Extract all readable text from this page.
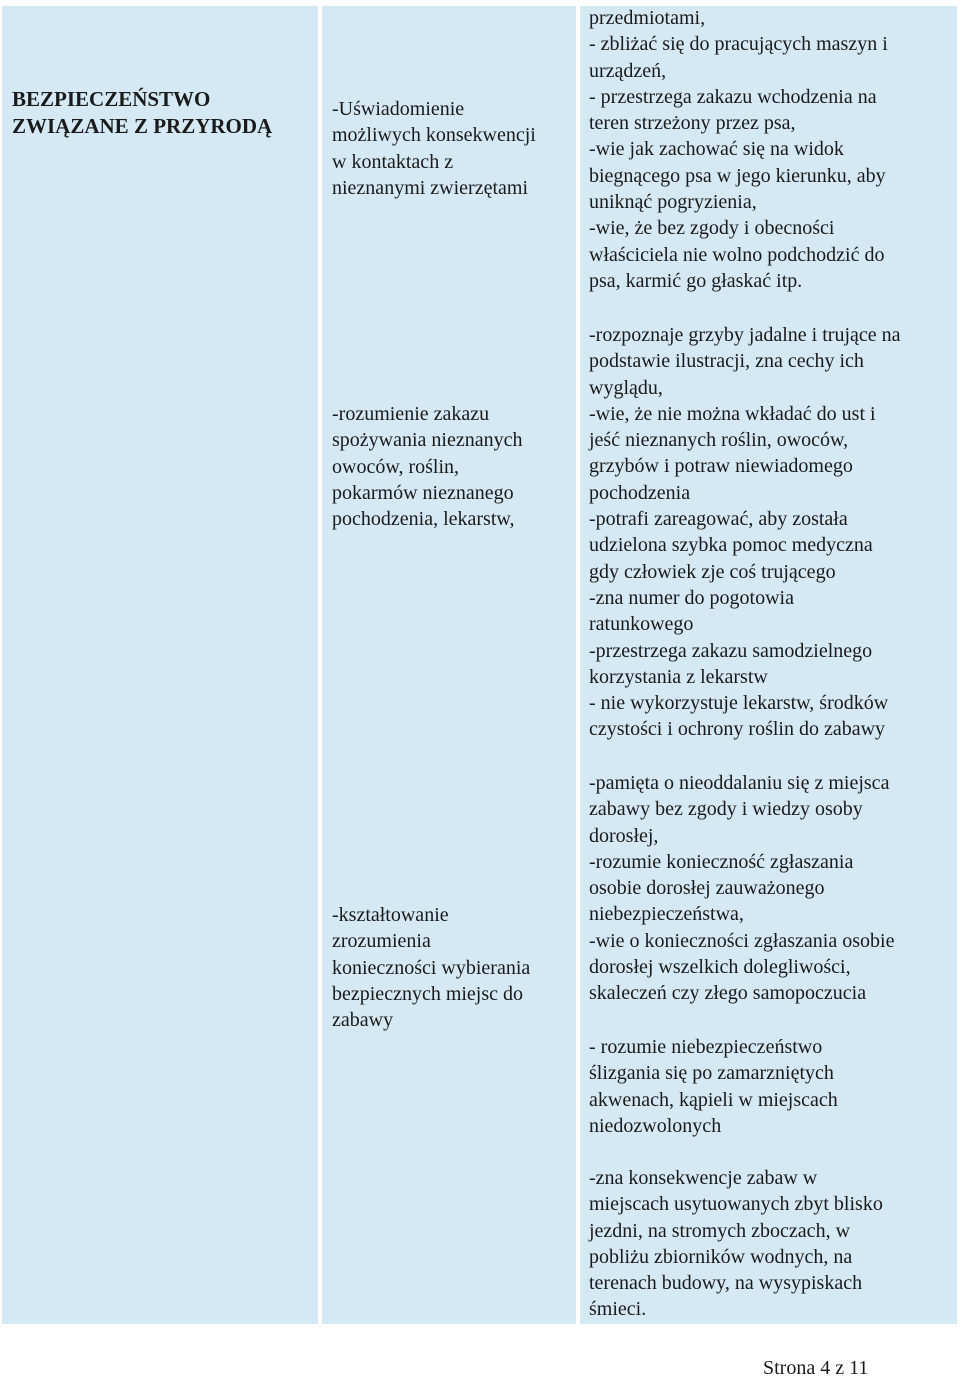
BEZPIECZEŃSTWO
ZWIĄZANE Z PRZYRODĄ

-Uświadomienie
możliwych konsekwencji
w kontaktach z
nieznanymi zwierzętami

-rozumienie zakazu
spożywania nieznanych
owoców, roślin,
pokarmów nieznanego
pochodzenia, lekarstw,

-kształtowanie
zrozumienia
konieczności wybierania
bezpiecznych miejsc do
zabawy

przedmiotami,
- zbliżać się do pracujących maszyn i
urządzeń,
- przestrzega zakazu wchodzenia na
teren strzeżony przez psa,
-wie jak zachować się na widok
biegnącego psa w jego kierunku, aby
uniknąć pogryzienia,
-wie, że bez zgody i obecności
właściciela nie wolno podchodzić do
psa, karmić go głaskać itp.

-rozpoznaje grzyby jadalne i trujące na
podstawie ilustracji, zna cechy ich
wyglądu,
-wie, że nie można wkładać do ust i
jeść nieznanych roślin, owoców,
grzybów i potraw niewiadomego
pochodzenia
-potrafi zareagować, aby została
udzielona szybka pomoc medyczna
gdy człowiek zje coś trującego
-zna numer do pogotowia
ratunkowego
-przestrzega zakazu samodzielnego
korzystania z lekarstw
- nie wykorzystuje lekarstw, środków
czystości i ochrony roślin do zabawy

-pamięta o nieoddalaniu się z miejsca
zabawy bez zgody i wiedzy osoby
dorosłej,
-rozumie konieczność zgłaszania
osobie dorosłej zauważonego
niebezpieczeństwa,
-wie o konieczności zgłaszania osobie
dorosłej wszelkich dolegliwości,
skaleczeń czy złego samopoczucia

- rozumie niebezpieczeństwo
ślizgania się po zamarzniętych
akwenach, kąpieli w miejscach
niedozwolonych

-zna konsekwencje zabaw w
miejscach usytuowanych zbyt blisko
jezdni, na stromych zboczach, w
pobliżu zbiorników wodnych, na
terenach budowy, na wysypiskach
śmieci.

Strona 4 z 11
